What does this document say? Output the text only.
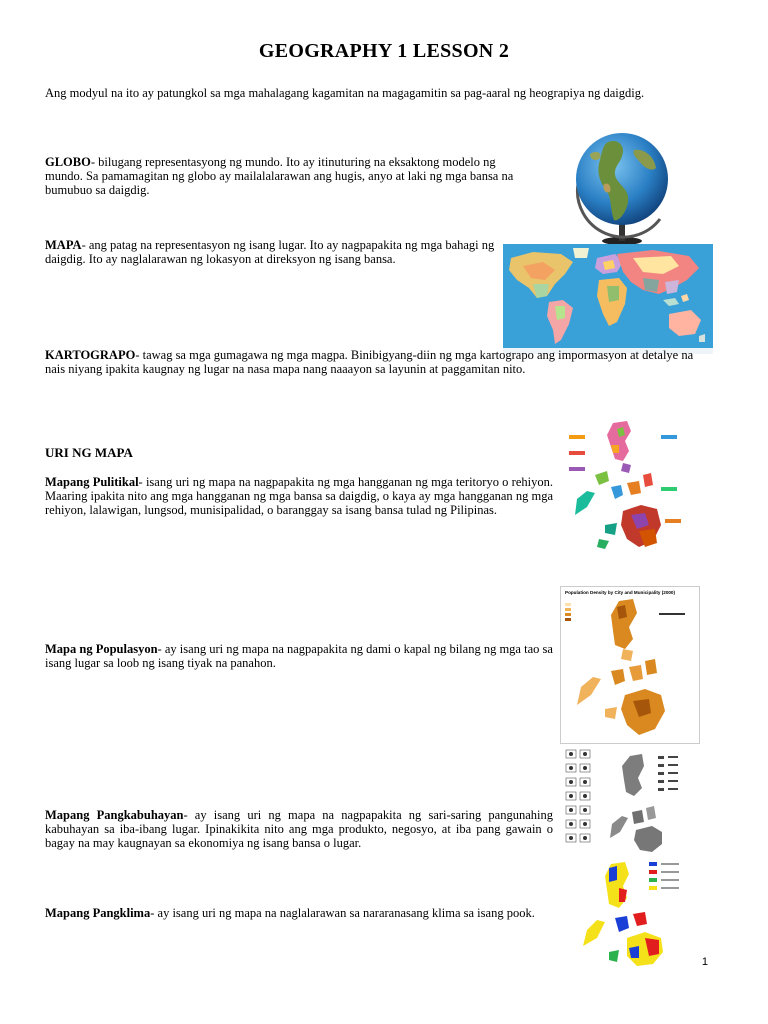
GEOGRAPHY 1 LESSON 2
Ang modyul na ito ay patungkol sa mga mahalagang kagamitan na magagamitin sa pag-aaral ng heograpiya ng daigdig.
GLOBO- bilugang representasyong ng mundo. Ito ay itinuturing na eksaktong modelo ng mundo. Sa pamamagitan ng globo ay mailalalarawan ang hugis, anyo at laki ng mga bansa na bumubuo sa daigdig.
MAPA- ang patag na representasyon ng isang lugar. Ito ay nagpapakita ng mga bahagi ng daigdig. Ito ay naglalarawan ng lokasyon at direksyon ng isang bansa.
KARTOGRAPO- tawag sa mga gumagawa ng mga magpa. Binibigyang-diin ng mga kartograpo ang impormasyon at detalye na nais niyang ipakita kaugnay ng lugar na nasa mapa nang naaayon sa layunin at paggamitan nito.
URI NG MAPA
Mapang Pulitikal- isang uri ng mapa na nagpapakita ng mga hangganan ng mga teritoryo o rehiyon. Maaring ipakita nito ang mga hangganan ng mga bansa sa daigdig, o kaya ay mga hangganan ng mga rehiyon, lalawigan, lungsod, munisipalidad, o baranggay sa isang bansa tulad ng Pilipinas.
Mapa ng Populasyon- ay isang uri ng mapa na nagpapakita ng dami o kapal ng bilang ng mga tao sa isang lugar sa loob ng isang tiyak na panahon.
Population Density by City and Municipality (2000)
Mapang Pangkabuhayan- ay isang uri ng mapa na nagpapakita ng sari-saring pangunahing kabuhayan sa iba-ibang lugar. Ipinakikita nito ang mga produkto, negosyo, at iba pang gawain o bagay na may kaugnayan sa ekonomiya ng isang bansa o lugar.
Mapang Pangklima- ay isang uri ng mapa na naglalarawan sa nararanasang klima sa isang pook.
1
